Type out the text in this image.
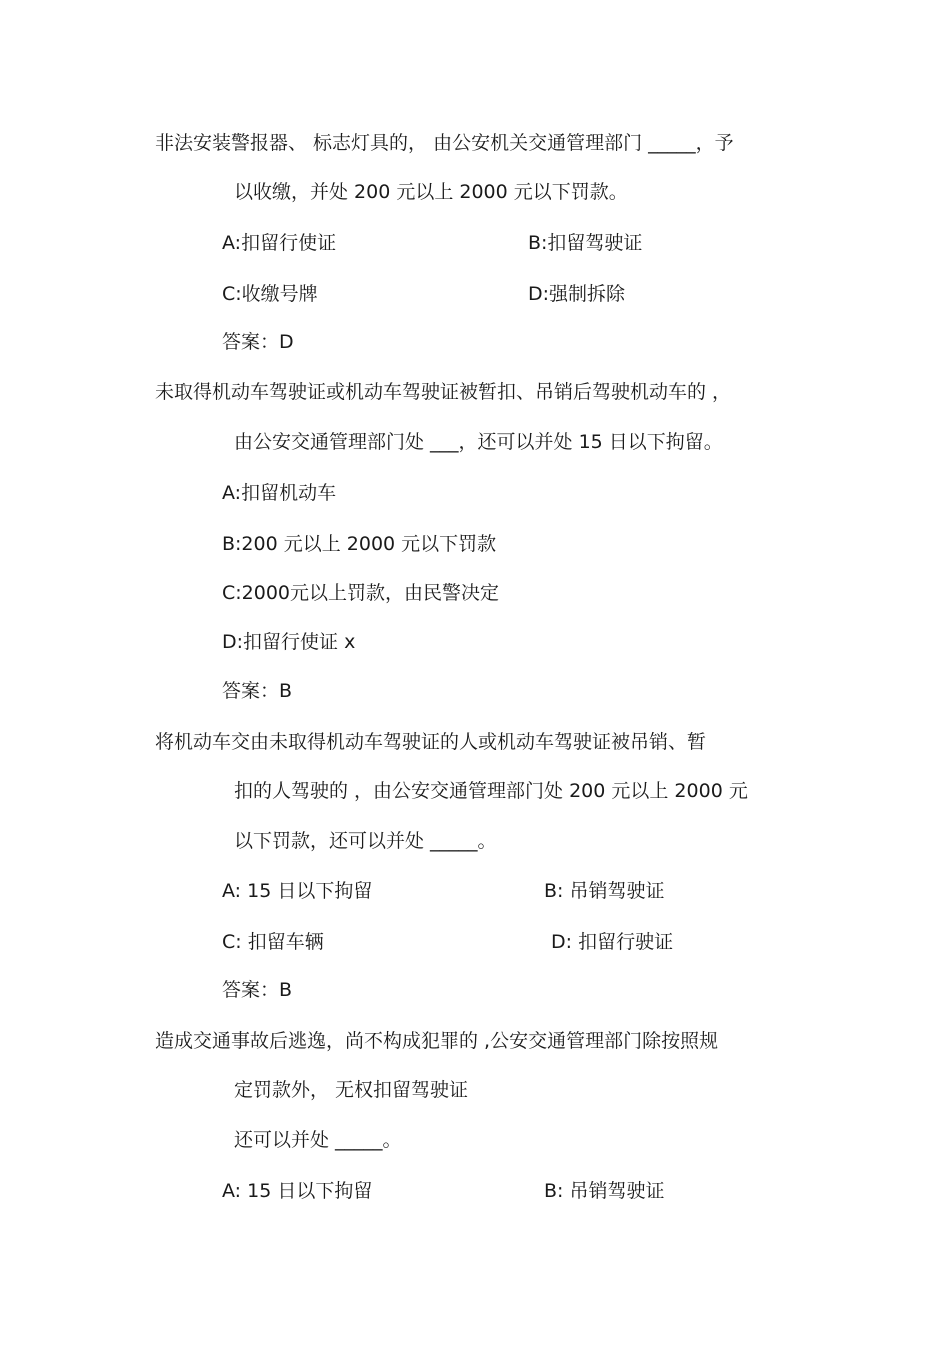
非法安装警报器、 标志灯具的， 由公安机关交通管理部门 _____，予
以收缴，并处 200 元以上 2000 元以下罚款。
A:扣留行使证	B:扣留驾驶证
C:收缴号牌	D:强制拆除
答案：D
未取得机动车驾驶证或机动车驾驶证被暂扣、吊销后驾驶机动车的 ，
由公安交通管理部门处 ___，还可以并处 15 日以下拘留。
A:扣留机动车
B:200 元以上 2000 元以下罚款
C:2000元以上罚款，由民警决定
D:扣留行使证 x
答案：B
将机动车交由未取得机动车驾驶证的人或机动车驾驶证被吊销、暂
扣的人驾驶的 ，由公安交通管理部门处 200 元以上 2000 元
以下罚款，还可以并处 _____。
A: 15 日以下拘留	B: 吊销驾驶证
C: 扣留车辆	D: 扣留行驶证
答案：B
造成交通事故后逃逸，尚不构成犯罪的 ,公安交通管理部门除按照规
定罚款外， 无权扣留驾驶证
还可以并处 _____。
A: 15 日以下拘留	B: 吊销驾驶证
